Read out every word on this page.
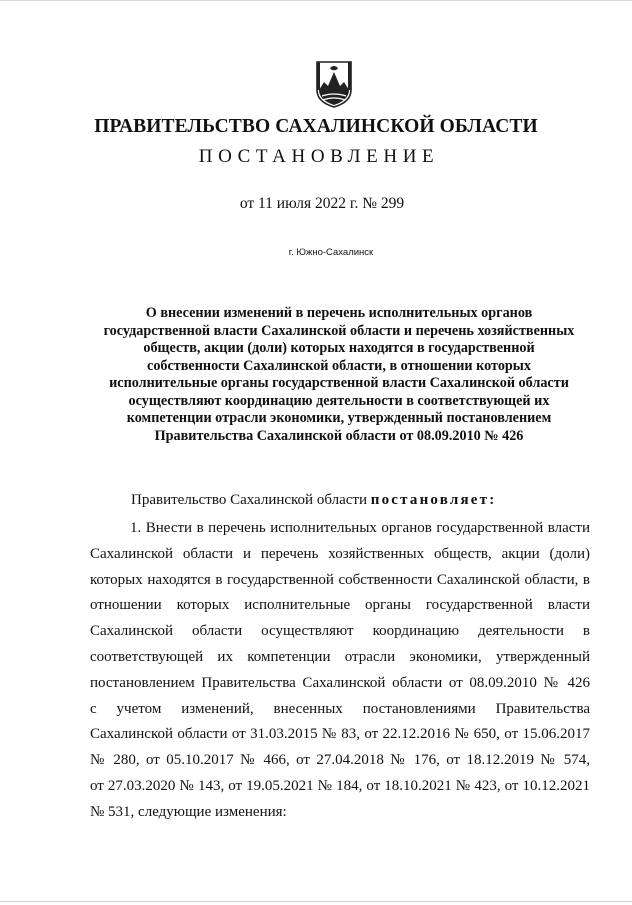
ПРАВИТЕЛЬСТВО САХАЛИНСКОЙ ОБЛАСТИ
ПОСТАНОВЛЕНИЕ
от 11 июля 2022 г. № 299
г. Южно-Сахалинск
О внесении изменений в перечень исполнительных органов
государственной власти Сахалинской области и перечень хозяйственных
обществ, акции (доли) которых находятся в государственной
собственности Сахалинской области, в отношении которых
исполнительные органы государственной власти Сахалинской области
осуществляют координацию деятельности в соответствующей их
компетенции отрасли экономики, утвержденный постановлением
Правительства Сахалинской области от 08.09.2010 № 426
Правительство Сахалинской области постановляет:
1. Внести в перечень исполнительных органов государственной власти
Сахалинской области и перечень хозяйственных обществ, акции (доли)
которых находятся в государственной собственности Сахалинской области, в
отношении которых исполнительные органы государственной власти
Сахалинской области осуществляют координацию деятельности в
соответствующей их компетенции отрасли экономики, утвержденный
постановлением Правительства Сахалинской области от 08.09.2010 № 426
с учетом изменений, внесенных постановлениями Правительства
Сахалинской области от 31.03.2015 № 83, от 22.12.2016 № 650, от 15.06.2017
№ 280, от 05.10.2017 № 466, от 27.04.2018 № 176, от 18.12.2019 № 574,
от 27.03.2020 № 143, от 19.05.2021 № 184, от 18.10.2021 № 423, от 10.12.2021
№ 531, следующие изменения:
